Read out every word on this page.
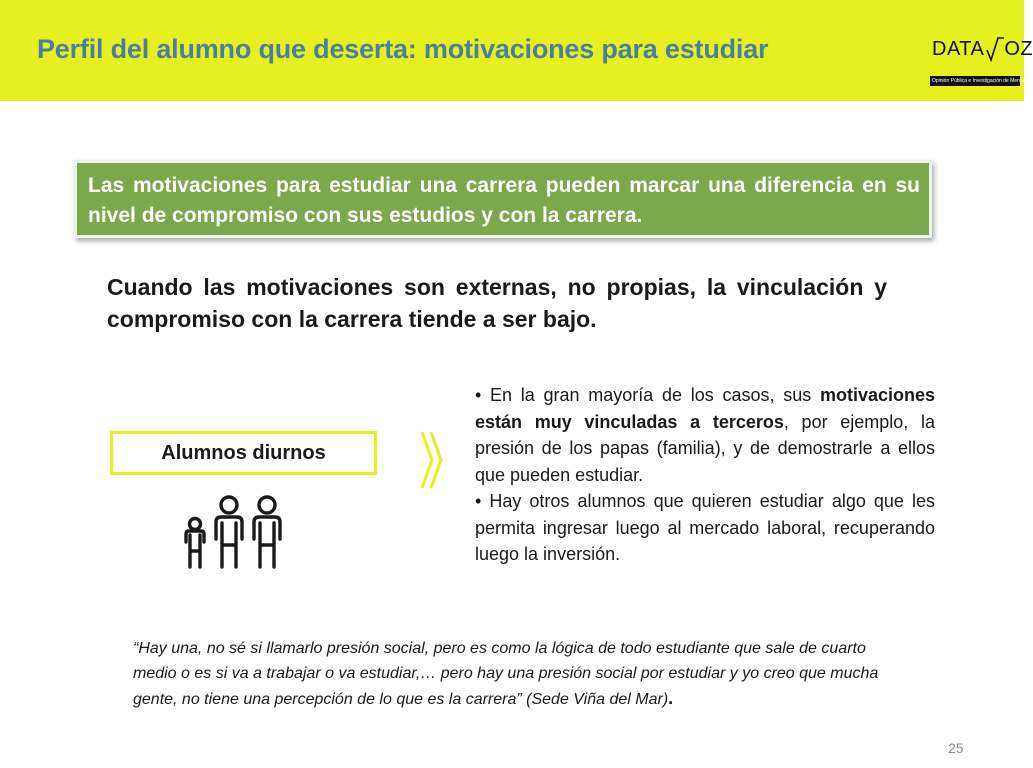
Perfil del alumno que deserta: motivaciones para estudiar	DATA OZ
Opinión Pública e Investigación de Mercado
Las motivaciones para estudiar una carrera pueden marcar una diferencia en su nivel de compromiso con sus estudios y con la carrera.
Cuando las motivaciones son externas, no propias, la vinculación y compromiso con la carrera tiende a ser bajo.
Alumnos diurnos
• En la gran mayoría de los casos, sus motivaciones están muy vinculadas a terceros, por ejemplo, la presión de los papas (familia), y de demostrarle a ellos que pueden estudiar.
• Hay otros alumnos que quieren estudiar algo que les permita ingresar luego al mercado laboral, recuperando luego la inversión.
“Hay una, no sé si llamarlo presión social, pero es como la lógica de todo estudiante que sale de cuarto medio o es si va a trabajar o va estudiar,… pero hay una presión social por estudiar y yo creo que mucha gente, no tiene una percepción de lo que es la carrera” (Sede Viña del Mar).
25
